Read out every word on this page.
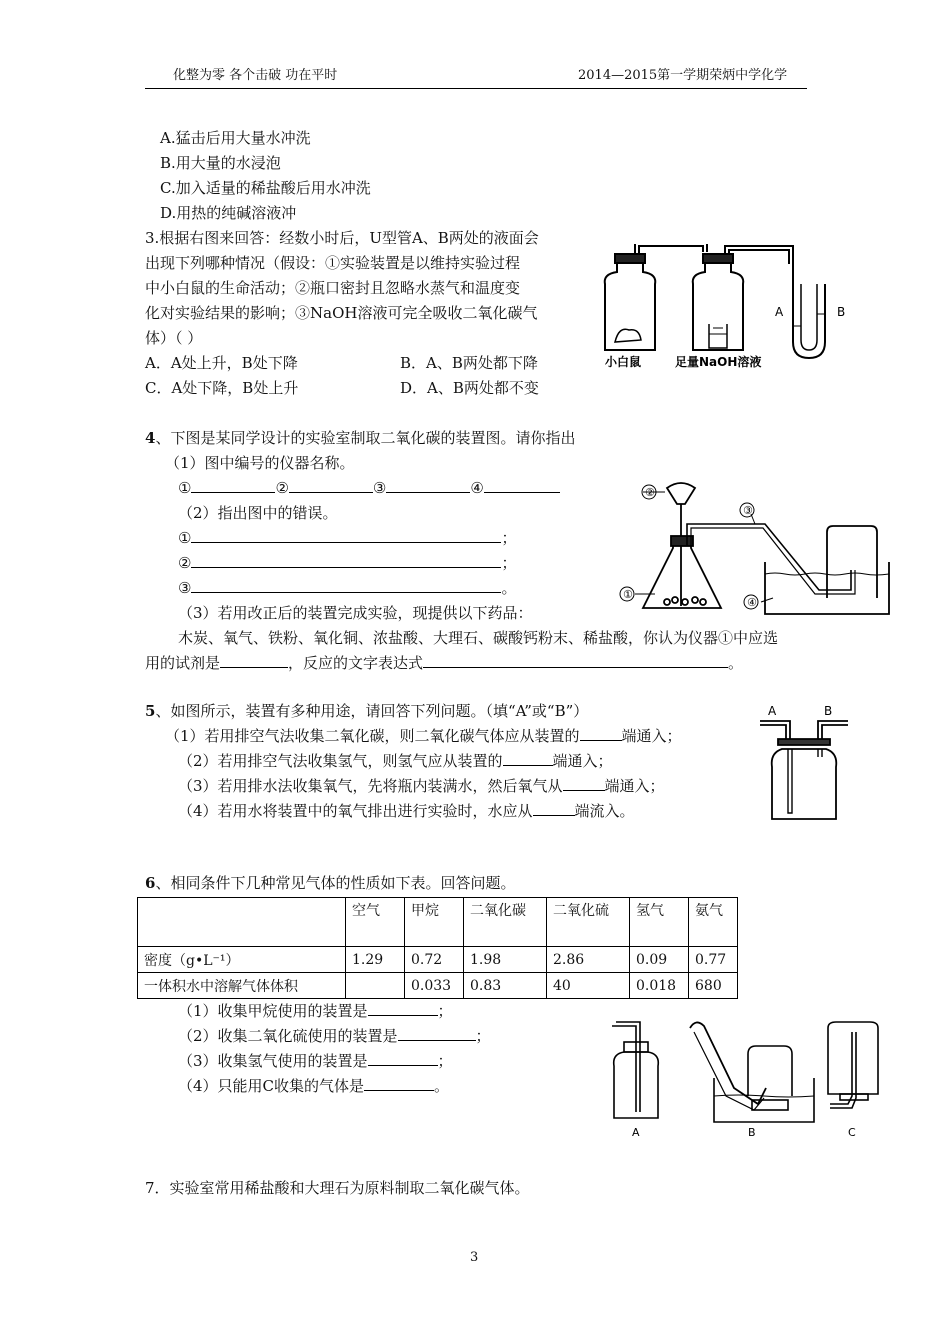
化整为零 各个击破 功在平时	2014—2015第一学期荣炳中学化学
A.猛击后用大量水冲洗
B.用大量的水浸泡
C.加入适量的稀盐酸后用水冲洗
D.用热的纯碱溶液冲
3.根据右图来回答：经数小时后，U型管A、B两处的液面会
出现下列哪种情况（假设：①实验装置是以维持实验过程
中小白鼠的生命活动；②瓶口密封且忽略水蒸气和温度变
化对实验结果的影响；③NaOH溶液可完全吸收二氧化碳气
体）（ ）
A．A处上升，B处下降	B．A、B两处都下降
C．A处下降，B处上升	D．A、B两处都不变
A	B
小白鼠	足量NaOH溶液
4、下图是某同学设计的实验室制取二氧化碳的装置图。请你指出
（1）图中编号的仪器名称。
①	②	③	④
（2）指出图中的错误。
①	；
②	；
③	。
（3）若用改正后的装置完成实验，现提供以下药品：
木炭、氧气、铁粉、氧化铜、浓盐酸、大理石、碳酸钙粉末、稀盐酸，你认为仪器①中应选
用的试剂是	，反应的文字表达式	。
①
②
③
④
5、如图所示，装置有多种用途，请回答下列问题。（填“A”或“B”）
（1）若用排空气法收集二氧化碳，则二氧化碳气体应从装置的	端通入；
（2）若用排空气法收集氢气，则氢气应从装置的	端通入；
（3）若用排水法收集氧气，先将瓶内装满水，然后氧气从	端通入；
（4）若用水将装置中的氧气排出进行实验时，水应从	端流入。
A	B
6、相同条件下几种常见气体的性质如下表。回答问题。
	空气	甲烷	二氧化碳	二氧化硫	氢气	氨气
密度（g•L⁻¹）	1.29	0.72	1.98	2.86	0.09	0.77
一体积水中溶解气体体积		0.033	0.83	40	0.018	680
（1）收集甲烷使用的装置是	；
（2）收集二氧化硫使用的装置是	；
（3）收集氢气使用的装置是	；
（4）只能用C收集的气体是	。
A	B	C
7．实验室常用稀盐酸和大理石为原料制取二氧化碳气体。
3
